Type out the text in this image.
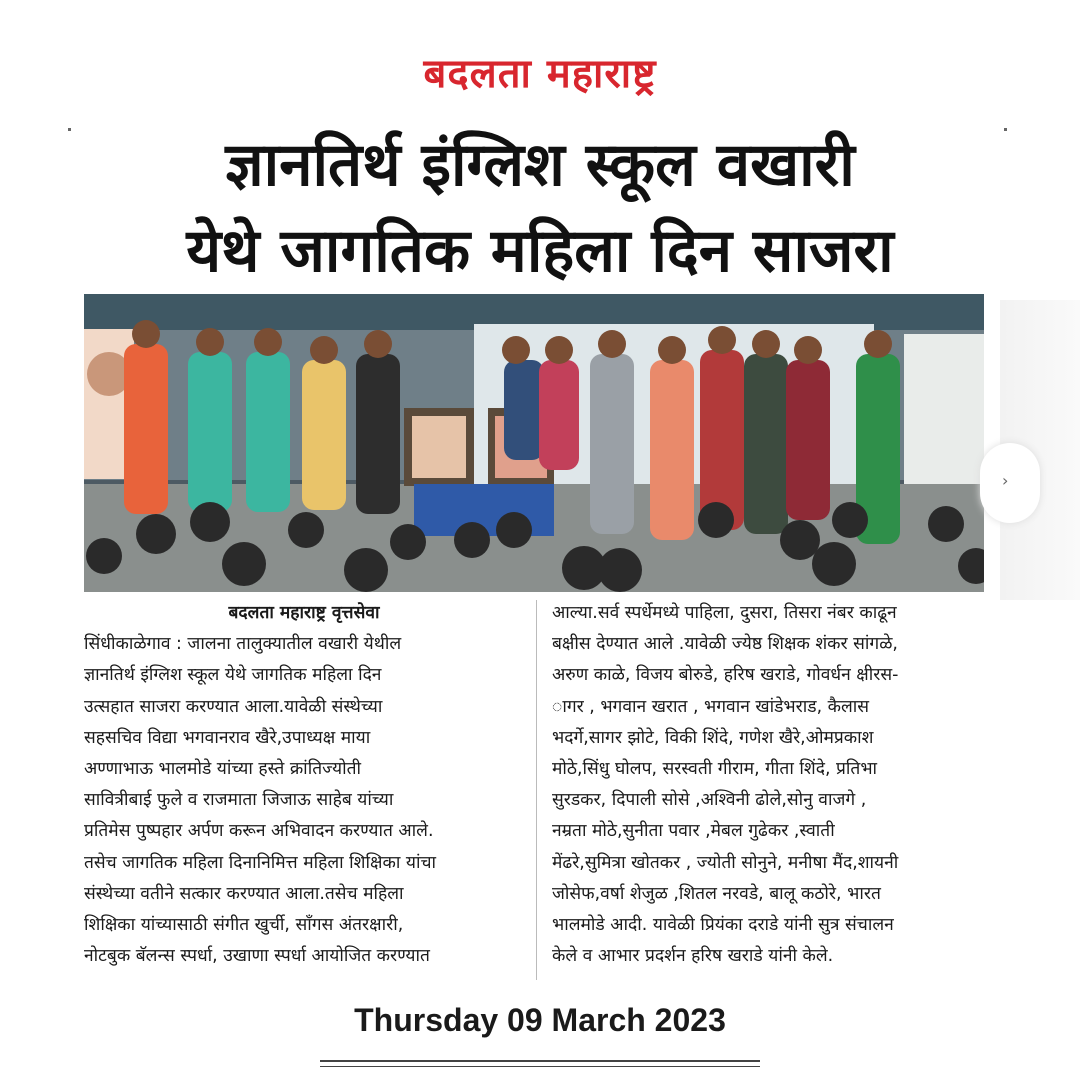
बदलता महाराष्ट्र
ज्ञानतिर्थ इंग्लिश स्कूल वखारी
येथे जागतिक महिला दिन साजरा
›
बदलता महाराष्ट्र वृत्तसेवा
सिंधीकाळेगाव : जालना तालुक्यातील वखारी येथील
ज्ञानतिर्थ इंग्लिश स्कूल येथे जागतिक महिला दिन
उत्सहात साजरा करण्यात आला.यावेळी संस्थेच्या
सहसचिव विद्या भगवानराव खैरे,उपाध्यक्ष माया
अण्णाभाऊ भालमोडे यांच्या हस्ते क्रांतिज्योती
सावित्रीबाई फुले व राजमाता जिजाऊ साहेब यांच्या
प्रतिमेस पुष्पहार अर्पण करून अभिवादन करण्यात आले.
तसेच जागतिक महिला दिनानिमित्त महिला शिक्षिका यांचा
संस्थेच्या वतीने सत्कार करण्यात आला.तसेच महिला
शिक्षिका यांच्यासाठी संगीत खुर्ची, सॉंगस अंतरक्षारी,
नोटबुक बॅलन्स स्पर्धा, उखाणा स्पर्धा आयोजित करण्यात
आल्या.सर्व स्पर्धेमध्ये पाहिला, दुसरा, तिसरा नंबर काढून
बक्षीस देण्यात आले .यावेळी ज्येष्ठ शिक्षक शंकर सांगळे,
अरुण काळे, विजय बोरुडे, हरिष खराडे, गोवर्धन क्षीरस-
ागर , भगवान खरात , भगवान खांडेभराड, कैलास
भदर्गे,सागर झोटे, विकी शिंदे, गणेश खैरे,ओमप्रकाश
मोठे,सिंधु घोलप, सरस्वती गीराम, गीता शिंदे, प्रतिभा
सुरडकर, दिपाली सोसे ,अश्विनी ढोले,सोनु वाजगे ,
नम्रता मोठे,सुनीता पवार ,मेबल गुढेकर ,स्वाती
मेंढरे,सुमित्रा खोतकर , ज्योती सोनुने, मनीषा मैंद,शायनी
जोसेफ,वर्षा शेजुळ ,शितल नरवडे, बालू कठोरे, भारत
भालमोडे आदी. यावेळी प्रियंका दराडे यांनी सुत्र संचालन
केले व आभार प्रदर्शन हरिष खराडे यांनी केले.
Thursday 09 March 2023
